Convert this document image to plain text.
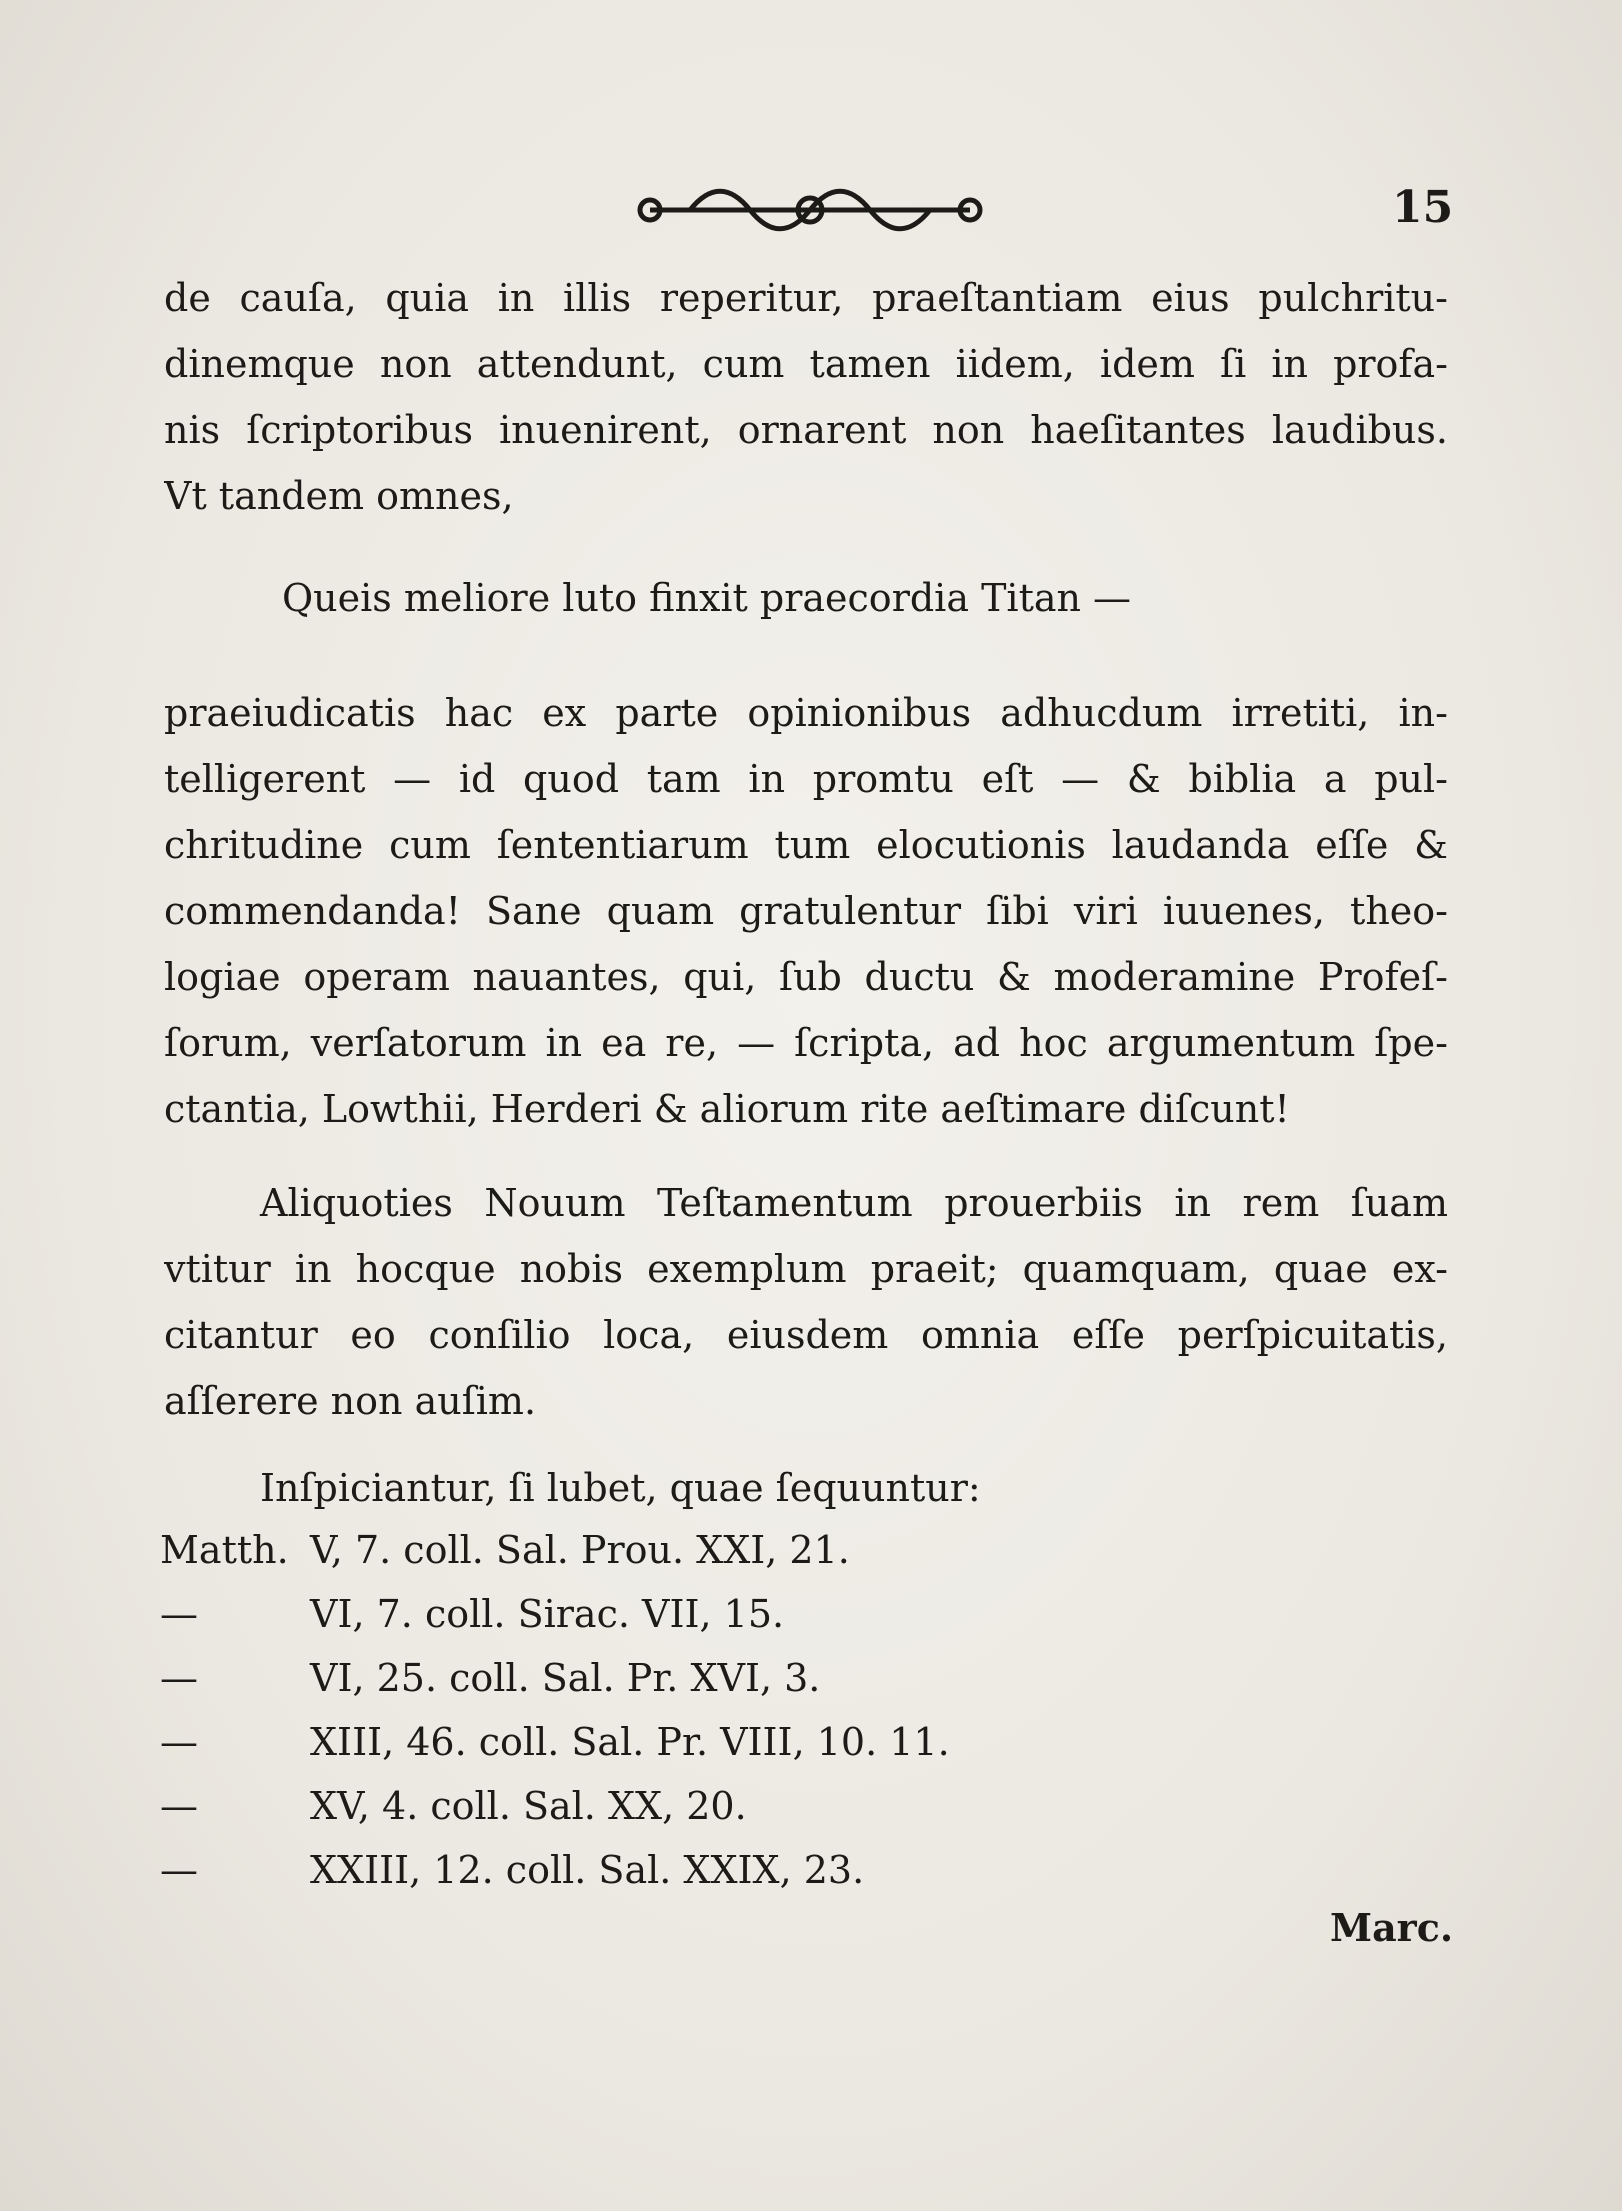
15
de cauſa, quia in illis reperitur, praeſtantiam eius pulchritu-
dinemque non attendunt, cum tamen iidem, idem ſi in profa-
nis ſcriptoribus inuenirent, ornarent non haeſitantes laudibus.
Vt tandem omnes,
Queis meliore luto finxit praecordia Titan —
praeiudicatis hac ex parte opinionibus adhucdum irretiti, in-
telligerent — id quod tam in promtu eſt — & biblia a pul-
chritudine cum ſententiarum tum elocutionis laudanda eſſe &
commendanda! Sane quam gratulentur ſibi viri iuuenes, theo-
logiae operam nauantes, qui, ſub ductu & moderamine Profeſ-
ſorum, verſatorum in ea re, — ſcripta, ad hoc argumentum ſpe-
ctantia, Lowthii, Herderi & aliorum rite aeſtimare diſcunt!
Aliquoties Nouum Teſtamentum prouerbiis in rem ſuam
vtitur in hocque nobis exemplum praeit; quamquam, quae ex-
citantur eo conſilio loca, eiusdem omnia eſſe perſpicuitatis,
aſſerere non auſim.
Inſpiciantur, ſi lubet, quae ſequuntur:
Matth. V, 7. coll. Sal. Prou. XXI, 21.
—	VI, 7. coll. Sirac. VII, 15.
—	VI, 25. coll. Sal. Pr. XVI, 3.
—	XIII, 46. coll. Sal. Pr. VIII, 10. 11.
—	XV, 4. coll. Sal. XX, 20.
—	XXIII, 12. coll. Sal. XXIX, 23.
Marc.
